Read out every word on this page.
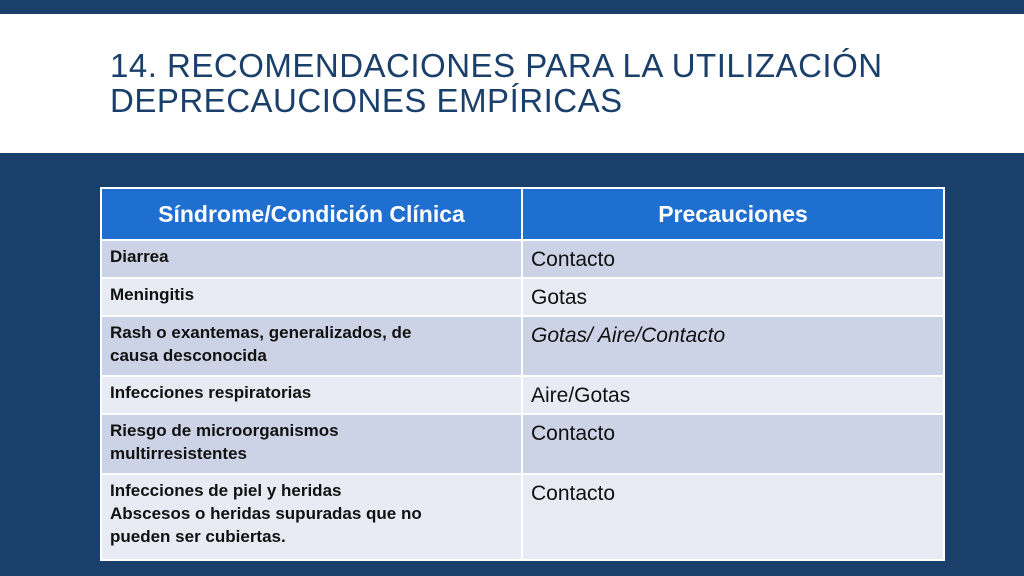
14. RECOMENDACIONES PARA LA UTILIZACIÓN
DEPRECAUCIONES EMPÍRICAS
Síndrome/Condición Clínica	Precauciones

Diarrea	Contacto

Meningitis	Gotas

Rash o exantemas, generalizados, de
causa desconocida	Gotas/ Aire/Contacto

Infecciones respiratorias	Aire/Gotas

Riesgo de microorganismos
multirresistentes	Contacto

Infecciones de piel y heridas
Abscesos o heridas supuradas que no
pueden ser cubiertas.	Contacto
